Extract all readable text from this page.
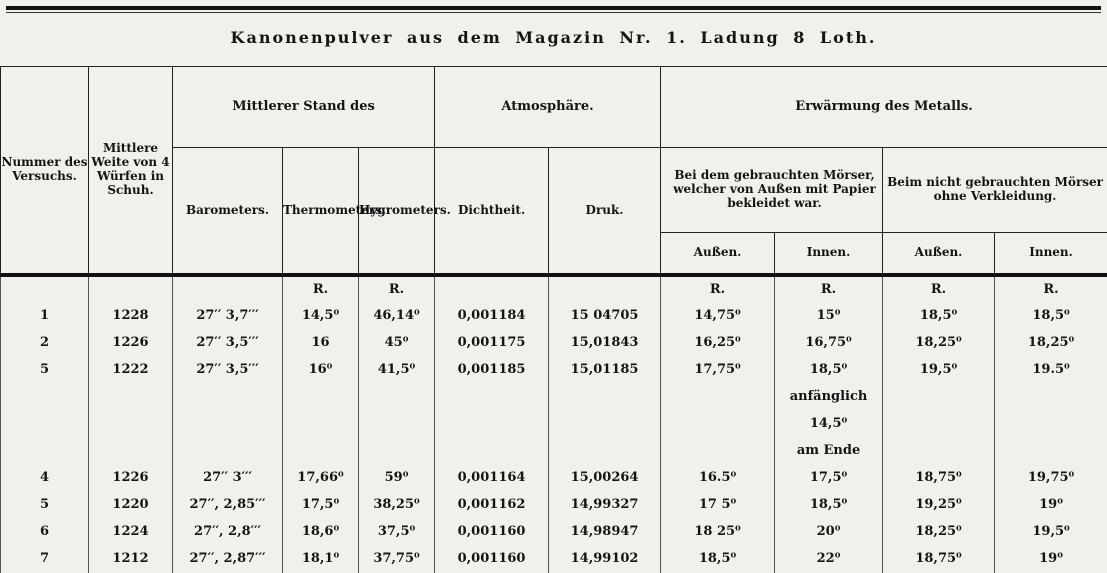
Kanonenpulver aus dem Magazin Nr. 1. Ladung 8 Loth.
Nummer des Versuchs.	Mittlere Weite von 4 Würfen in Schuh.	Mittlerer Stand des			Atmosphäre.		Erwärmung des Metalls.			
		Barometers.	Thermometers.	Hygrometers.	Dichtheit.	Druk.	Bei dem gebrauchten Mörser, welcher von Außen mit Papier bekleidet war.		Beim nicht gebrauchten Mörser ohne Verkleidung.	
							Außen.	Innen.	Außen.	Innen.
			R.	R.			R.	R.	R.	R.
1	1228	27′′ 3,7′′′	14,5⁰	46,14⁰	0,001184	15 04705	14,75⁰	15⁰	18,5⁰	18,5⁰
2	1226	27′′ 3,5′′′	16	45⁰	0,001175	15,01843	16,25⁰	16,75⁰	18,25⁰	18,25⁰
5	1222	27′′ 3,5′′′	16⁰	41,5⁰	0,001185	15,01185	17,75⁰	18,5⁰	19,5⁰	19.5⁰
								anfänglich		
								14,5⁰		
								am Ende		
4	1226	27′′ 3′′′	17,66⁰	59⁰	0,001164	15,00264	16.5⁰	17,5⁰	18,75⁰	19,75⁰
5	1220	27′′, 2,85′′′	17,5⁰	38,25⁰	0,001162	14,99327	17 5⁰	18,5⁰	19,25⁰	19⁰
6	1224	27′′, 2,8′′′	18,6⁰	37,5⁰	0,001160	14,98947	18 25⁰	20⁰	18,25⁰	19,5⁰
7	1212	27′′, 2,87′′′	18,1⁰	37,75⁰	0,001160	14,99102	18,5⁰	22⁰	18,75⁰	19⁰
